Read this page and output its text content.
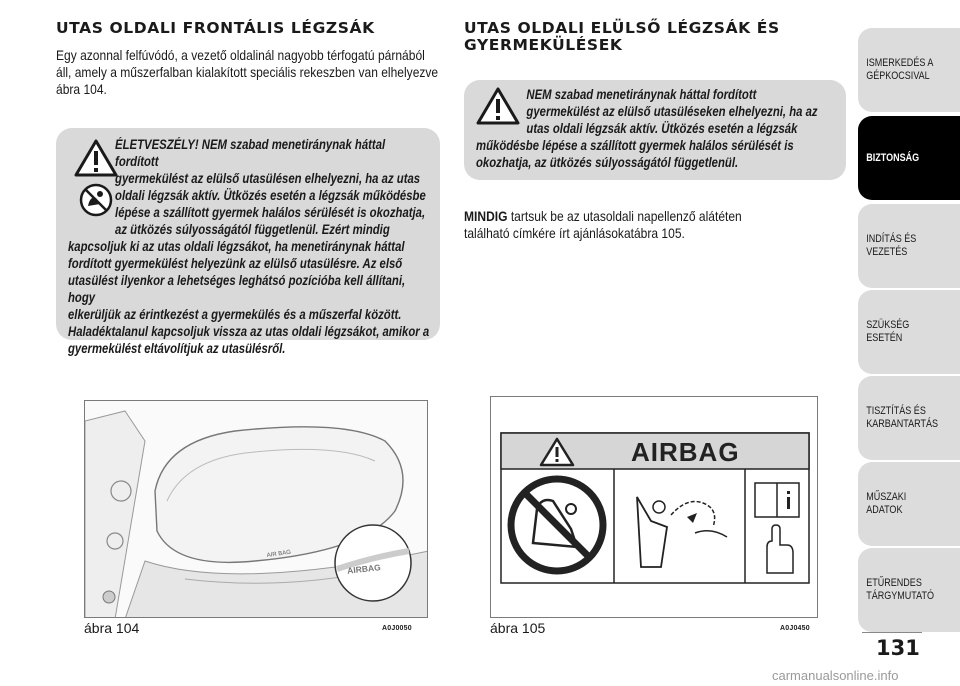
UTAS OLDALI FRONTÁLIS LÉGZSÁK

Egy azonnal felfúvódó, a vezető oldalinál nagyobb térfogatú párnából áll, amely a műszerfalban kialakított speciális rekeszben van elhelyezve ábra 104.

ÉLETVESZÉLY! NEM szabad menetiránynak háttal fordított
gyermekülést az elülső utasülésen elhelyezni, ha az utas
oldali légzsák aktív. Ütközés esetén a légzsák működésbe
lépése a szállított gyermek halálos sérülését is okozhatja,
az ütközés súlyosságától függetlenül. Ezért mindig
kapcsoljuk ki az utas oldali légzsákot, ha menetiránynak háttal
fordított gyermekülést helyezünk az elülső utasülésre. Az első
utasülést ilyenkor a lehetséges leghátsó pozícióba kell állítani, hogy
elkerüljük az érintkezést a gyermekülés és a műszerfal között.
Haladéktalanul kapcsoljuk vissza az utas oldali légzsákot, amikor a
gyermekülést eltávolítjuk az utasülésről.
AIR BAG
AIRBAG
ábra 104	A0J0050
UTAS OLDALI ELÜLSŐ LÉGZSÁK ÉS
GYERMEKÜLÉSEK
NEM szabad menetiránynak háttal fordított
gyermekülést az elülső utasüléseken elhelyezni, ha az
utas oldali légzsák aktív. Ütközés esetén a légzsák
működésbe lépése a szállított gyermek halálos sérülését is
okozhatja, az ütközés súlyosságától függetlenül.

MINDIG tartsuk be az utasoldali napellenző alátéten található címkére írt ajánlásokatábra 105.

AIRBAG
ábra 105	A0J0450
ISMERKEDÉS A
GÉPKOCSIVAL
BIZTONSÁG
INDÍTÁS ÉS VEZETÉS
SZÜKSÉG ESETÉN
TISZTÍTÁS ÉS
KARBANTARTÁS
MŰSZAKI ADATOK
ETŰRENDES
TÁRGYMUTATÓ
131
carmanualsonline.info
